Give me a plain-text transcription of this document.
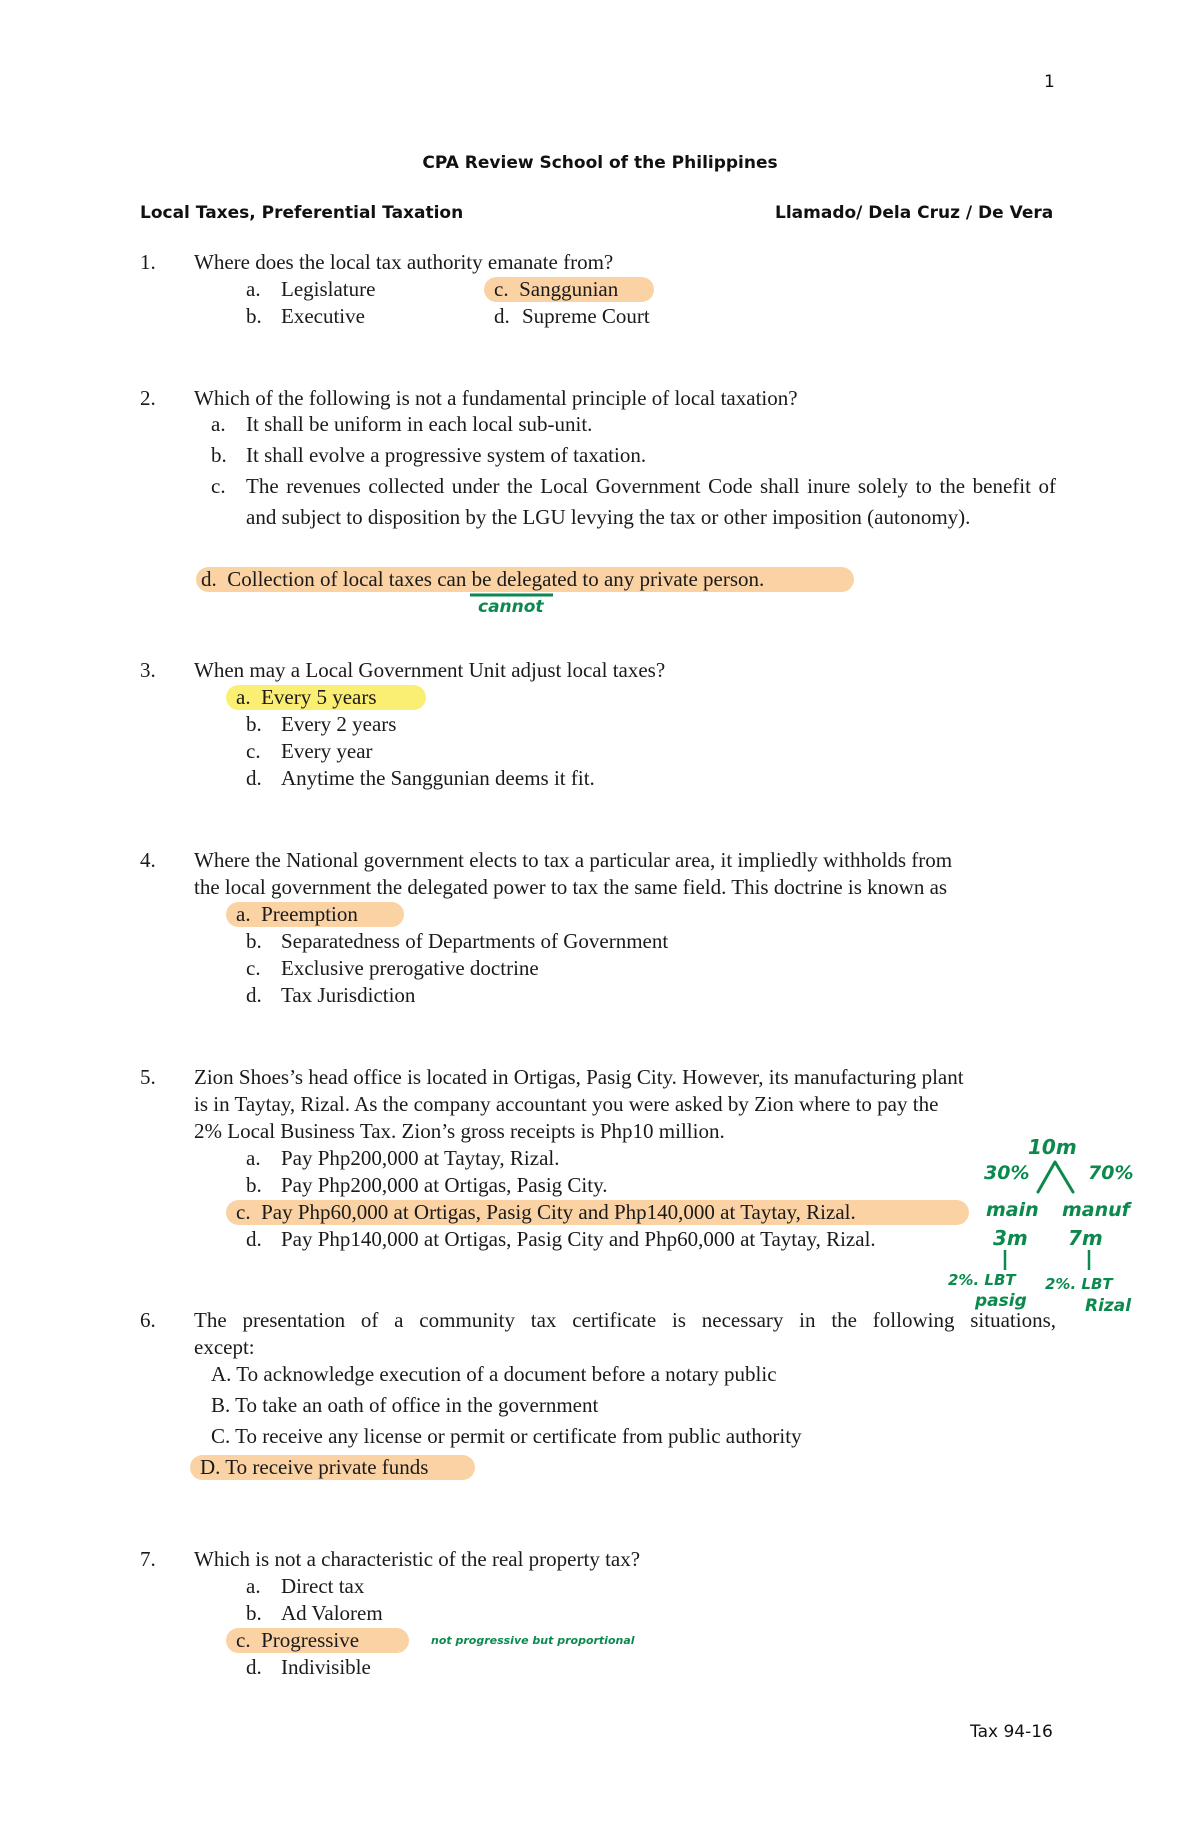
1
CPA Review School of the Philippines
Local Taxes, Preferential Taxation	Llamado/ Dela Cruz / De Vera
1. Where does the local tax authority emanate from?
a. Legislature
b. Executive
c. Sanggunian
d. Supreme Court
2. Which of the following is not a fundamental principle of local taxation?
a. It shall be uniform in each local sub-unit.
b. It shall evolve a progressive system of taxation.
c. The revenues collected under the Local Government Code shall inure solely to the benefit of and subject to disposition by the LGU levying the tax or other imposition (autonomy).
d. Collection of local taxes can be delegated to any private person.
3. When may a Local Government Unit adjust local taxes?
a. Every 5 years
b. Every 2 years
c. Every year
d. Anytime the Sanggunian deems it fit.
4. Where the National government elects to tax a particular area, it impliedly withholds from
the local government the delegated power to tax the same field. This doctrine is known as
a. Preemption
b. Separatedness of Departments of Government
c. Exclusive prerogative doctrine
d. Tax Jurisdiction
5. Zion Shoes’s head office is located in Ortigas, Pasig City. However, its manufacturing plant
is in Taytay, Rizal. As the company accountant you were asked by Zion where to pay the
2% Local Business Tax. Zion’s gross receipts is Php10 million.
a. Pay Php200,000 at Taytay, Rizal.
b. Pay Php200,000 at Ortigas, Pasig City.
c. Pay Php60,000 at Ortigas, Pasig City and Php140,000 at Taytay, Rizal.
d. Pay Php140,000 at Ortigas, Pasig City and Php60,000 at Taytay, Rizal.
6. The presentation of a community tax certificate is necessary in the following situations,
except:
A. To acknowledge execution of a document before a notary public
B. To take an oath of office in the government
C. To receive any license or permit or certificate from public authority
D. To receive private funds
7. Which is not a characteristic of the real property tax?
a. Direct tax
b. Ad Valorem
c. Progressive
d. Indivisible
cannot
10m
30%	70%
main manuf
3m 7m
2%. LBT 2%. LBT
pasig	Rizal
not progressive but proportional
Tax 94-16
